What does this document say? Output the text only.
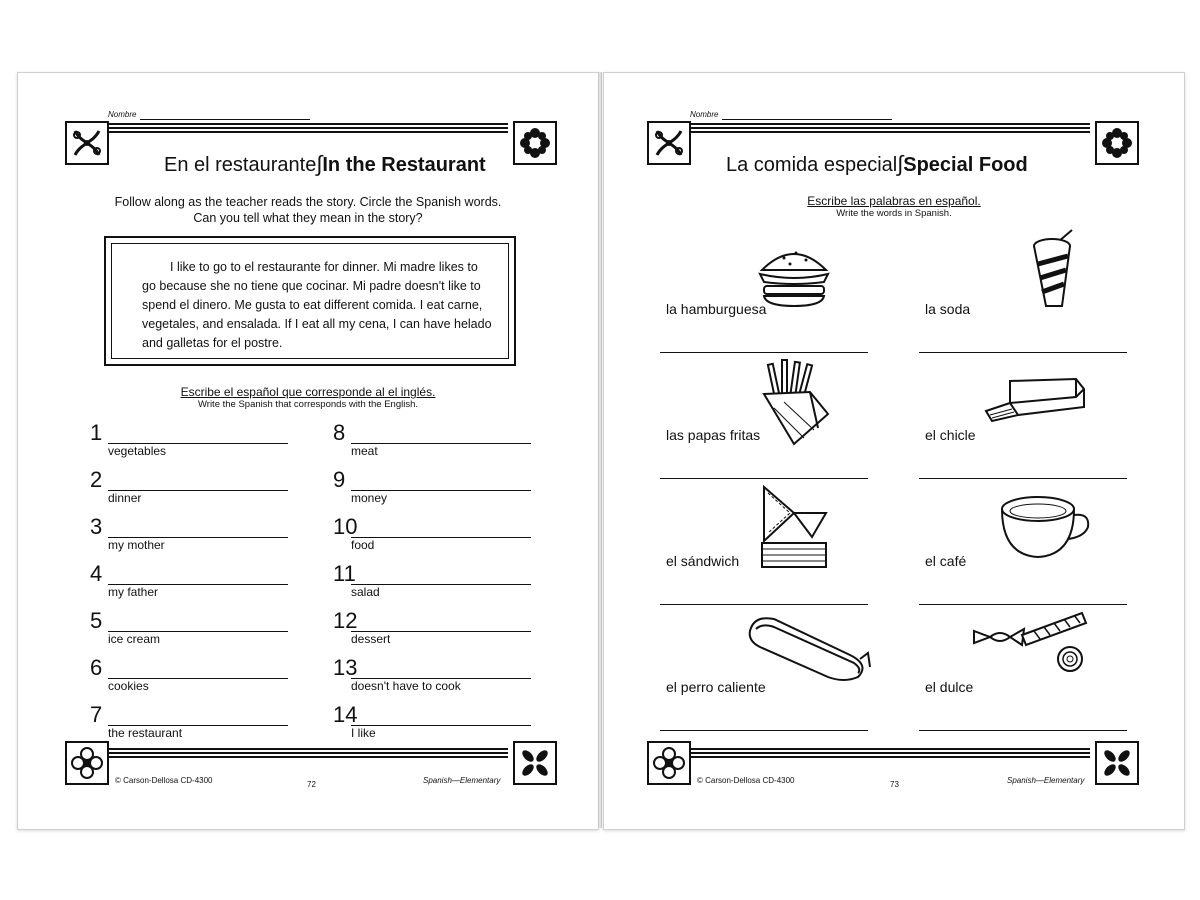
Nombre
En el restaurante∫In the Restaurant
Follow along as the teacher reads the story. Circle the Spanish words.
Can you tell what they mean in the story?
I like to go to el restaurante for dinner. Mi madre likes to
go because she no tiene que cocinar. Mi padre doesn't like to
spend el dinero. Me gusta to eat different comida. I eat carne,
vegetales, and ensalada. If I eat all my cena, I can have helado
and galletas for el postre.
Escribe el español que corresponde al el inglés.
Write the Spanish that corresponds with the English.
© Carson-Dellosa CD-4300	72	Spanish—Elementary
1
vegetables
2
dinner
3
my mother
4
my father
5
ice cream
6
cookies
7
the restaurant
8
meat
9
money
10
food
11
salad
12
dessert
13
doesn't have to cook
14
I like
Nombre
La comida especial∫Special Food
Escribe las palabras en español.
Write the words in Spanish.
© Carson-Dellosa CD-4300	73	Spanish—Elementary
la hamburguesa	la soda
las papas fritas	el chicle
el sándwich	el café
el perro caliente	el dulce
